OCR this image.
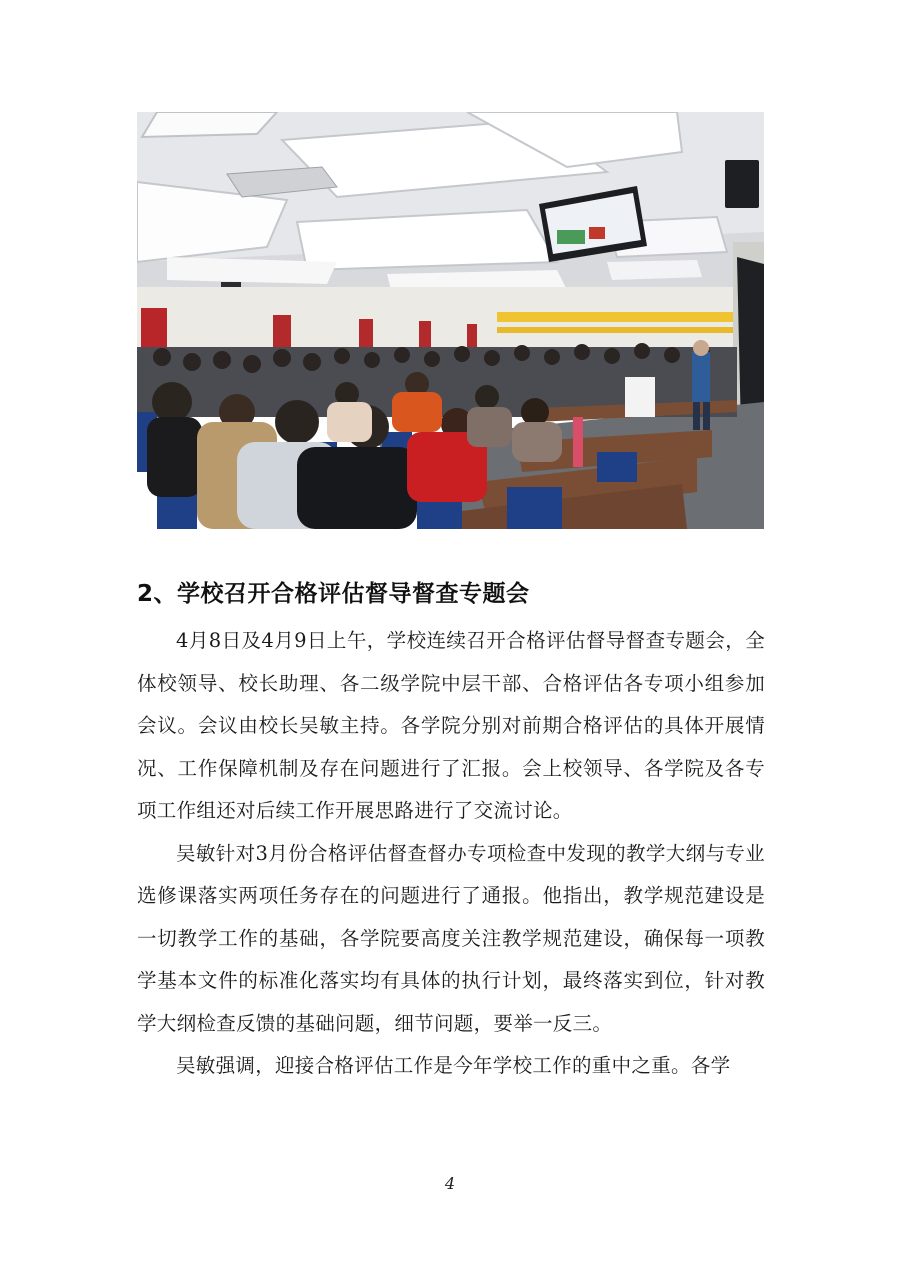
2、学校召开合格评估督导督查专题会

4月8日及4月9日上午，学校连续召开合格评估督导督查专题会，全体校领导、校长助理、各二级学院中层干部、合格评估各专项小组参加会议。会议由校长吴敏主持。各学院分别对前期合格评估的具体开展情况、工作保障机制及存在问题进行了汇报。会上校领导、各学院及各专项工作组还对后续工作开展思路进行了交流讨论。

吴敏针对3月份合格评估督查督办专项检查中发现的教学大纲与专业选修课落实两项任务存在的问题进行了通报。他指出，教学规范建设是一切教学工作的基础，各学院要高度关注教学规范建设，确保每一项教学基本文件的标准化落实均有具体的执行计划，最终落实到位，针对教学大纲检查反馈的基础问题，细节问题，要举一反三。

吴敏强调，迎接合格评估工作是今年学校工作的重中之重。各学

4
